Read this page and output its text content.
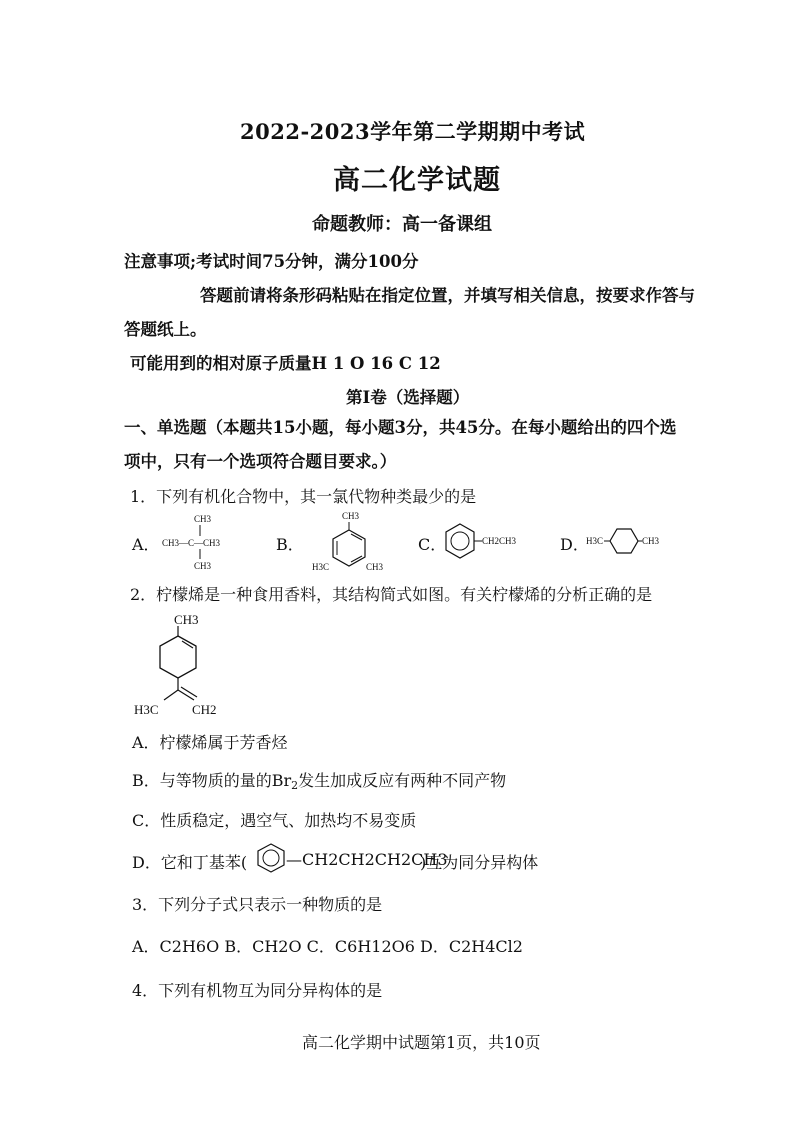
2022-2023学年第二学期期中考试
高二化学试题
命题教师：高一备课组
注意事项;考试时间75分钟，满分100分
答题前请将条形码粘贴在指定位置，并填写相关信息，按要求作答与
答题纸上。
可能用到的相对原子质量H 1 O 16 C 12
第Ⅰ卷（选择题）
一、单选题（本题共15小题，每小题3分，共45分。在每小题给出的四个选
项中，只有一个选项符合题目要求。）
1．下列有机化合物中，其一氯代物种类最少的是
A．
CH3
CH3—C—CH3
CH3
B．
CH3
H3C	CH3
C．	CH2CH3	D．
H3C	CH3
2．柠檬烯是一种食用香料，其结构简式如图。有关柠檬烯的分析正确的是
CH3
H3C	CH2
A．柠檬烯属于芳香烃
B．与等物质的量的$Br_2$发生加成反应有两种不同产物
C．性质稳定，遇空气、加热均不易变质
D．它和丁基苯( —CH2CH2CH2CH3
)互为同分异构体
3．下列分子式只表示一种物质的是
A．C2H6O B．CH2O C．C6H12O6 D．C2H4Cl2
4．下列有机物互为同分异构体的是
高二化学期中试题第1页，共10页
